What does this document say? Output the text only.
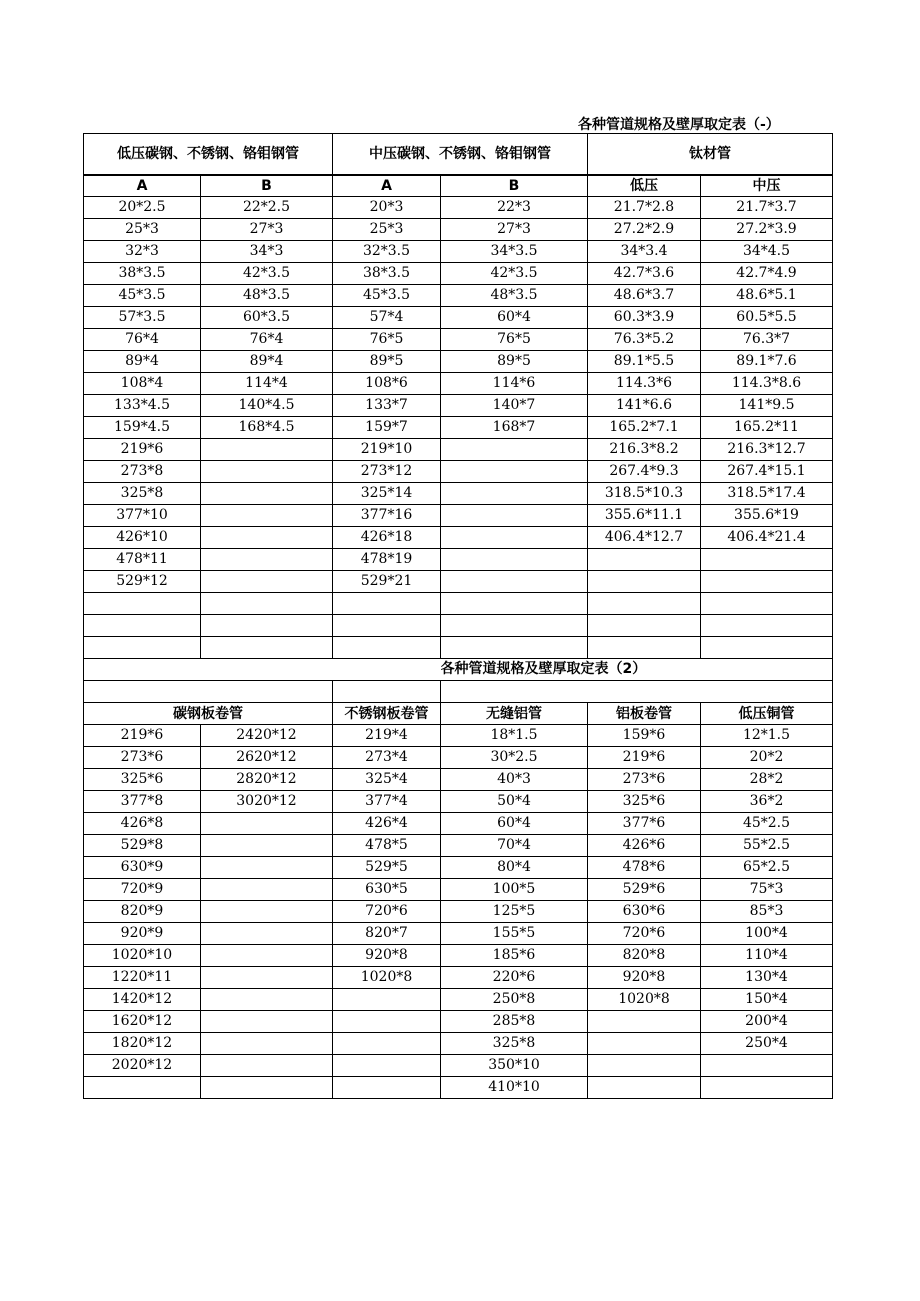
各种管道规格及壁厚取定表（-）
低压碳钢、不锈钢、铬钼钢管		中压碳钢、不锈钢、铬钼钢管		钛材管	
A	B	A	B	低压	中压
20*2.5	22*2.5	20*3	22*3	21.7*2.8	21.7*3.7
25*3	27*3	25*3	27*3	27.2*2.9	27.2*3.9
32*3	34*3	32*3.5	34*3.5	34*3.4	34*4.5
38*3.5	42*3.5	38*3.5	42*3.5	42.7*3.6	42.7*4.9
45*3.5	48*3.5	45*3.5	48*3.5	48.6*3.7	48.6*5.1
57*3.5	60*3.5	57*4	60*4	60.3*3.9	60.5*5.5
76*4	76*4	76*5	76*5	76.3*5.2	76.3*7
89*4	89*4	89*5	89*5	89.1*5.5	89.1*7.6
108*4	114*4	108*6	114*6	114.3*6	114.3*8.6
133*4.5	140*4.5	133*7	140*7	141*6.6	141*9.5
159*4.5	168*4.5	159*7	168*7	165.2*7.1	165.2*11
219*6		219*10		216.3*8.2	216.3*12.7
273*8		273*12		267.4*9.3	267.4*15.1
325*8		325*14		318.5*10.3	318.5*17.4
377*10		377*16		355.6*11.1	355.6*19
426*10		426*18		406.4*12.7	406.4*21.4
478*11		478*19			
529*12		529*21			

			各种管道规格及壁厚取定表（2）		

碳钢板卷管		不锈钢板卷管	无缝铝管	铝板卷管	低压铜管
219*6	2420*12	219*4	18*1.5	159*6	12*1.5
273*6	2620*12	273*4	30*2.5	219*6	20*2
325*6	2820*12	325*4	40*3	273*6	28*2
377*8	3020*12	377*4	50*4	325*6	36*2
426*8		426*4	60*4	377*6	45*2.5
529*8		478*5	70*4	426*6	55*2.5
630*9		529*5	80*4	478*6	65*2.5
720*9		630*5	100*5	529*6	75*3
820*9		720*6	125*5	630*6	85*3
920*9		820*7	155*5	720*6	100*4
1020*10		920*8	185*6	820*8	110*4
1220*11		1020*8	220*6	920*8	130*4
1420*12			250*8	1020*8	150*4
1620*12			285*8		200*4
1820*12			325*8		250*4
2020*12			350*10		
			410*10		
